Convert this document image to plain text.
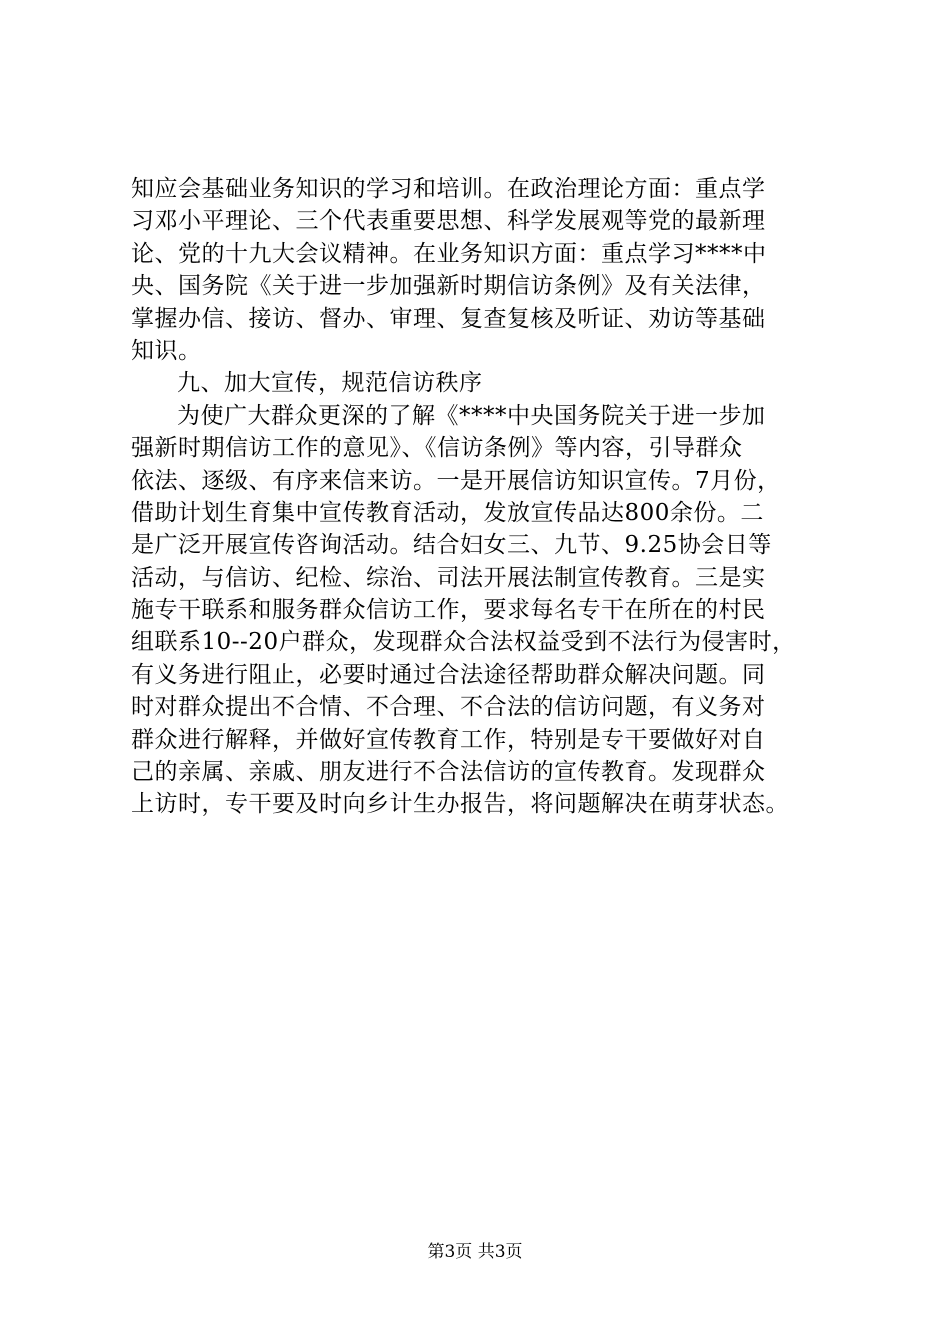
知应会基础业务知识的学习和培训。在政治理论方面：重点学
习邓小平理论、三个代表重要思想、科学发展观等党的最新理
论、党的十九大会议精神。在业务知识方面：重点学习****中
央、国务院《关于进一步加强新时期信访条例》及有关法律，
掌握办信、接访、督办、审理、复查复核及听证、劝访等基础
知识。
九、加大宣传，规范信访秩序
为使广大群众更深的了解《****中央国务院关于进一步加
强新时期信访工作的意见》、《信访条例》等内容，引导群众
依法、逐级、有序来信来访。一是开展信访知识宣传。7月份，
借助计划生育集中宣传教育活动，发放宣传品达800余份。二
是广泛开展宣传咨询活动。结合妇女三、九节、9.25协会日等
活动，与信访、纪检、综治、司法开展法制宣传教育。三是实
施专干联系和服务群众信访工作，要求每名专干在所在的村民
组联系10--20户群众，发现群众合法权益受到不法行为侵害时，
有义务进行阻止，必要时通过合法途径帮助群众解决问题。同
时对群众提出不合情、不合理、不合法的信访问题，有义务对
群众进行解释，并做好宣传教育工作，特别是专干要做好对自
己的亲属、亲戚、朋友进行不合法信访的宣传教育。发现群众
上访时，专干要及时向乡计生办报告，将问题解决在萌芽状态。
第3页 共3页
